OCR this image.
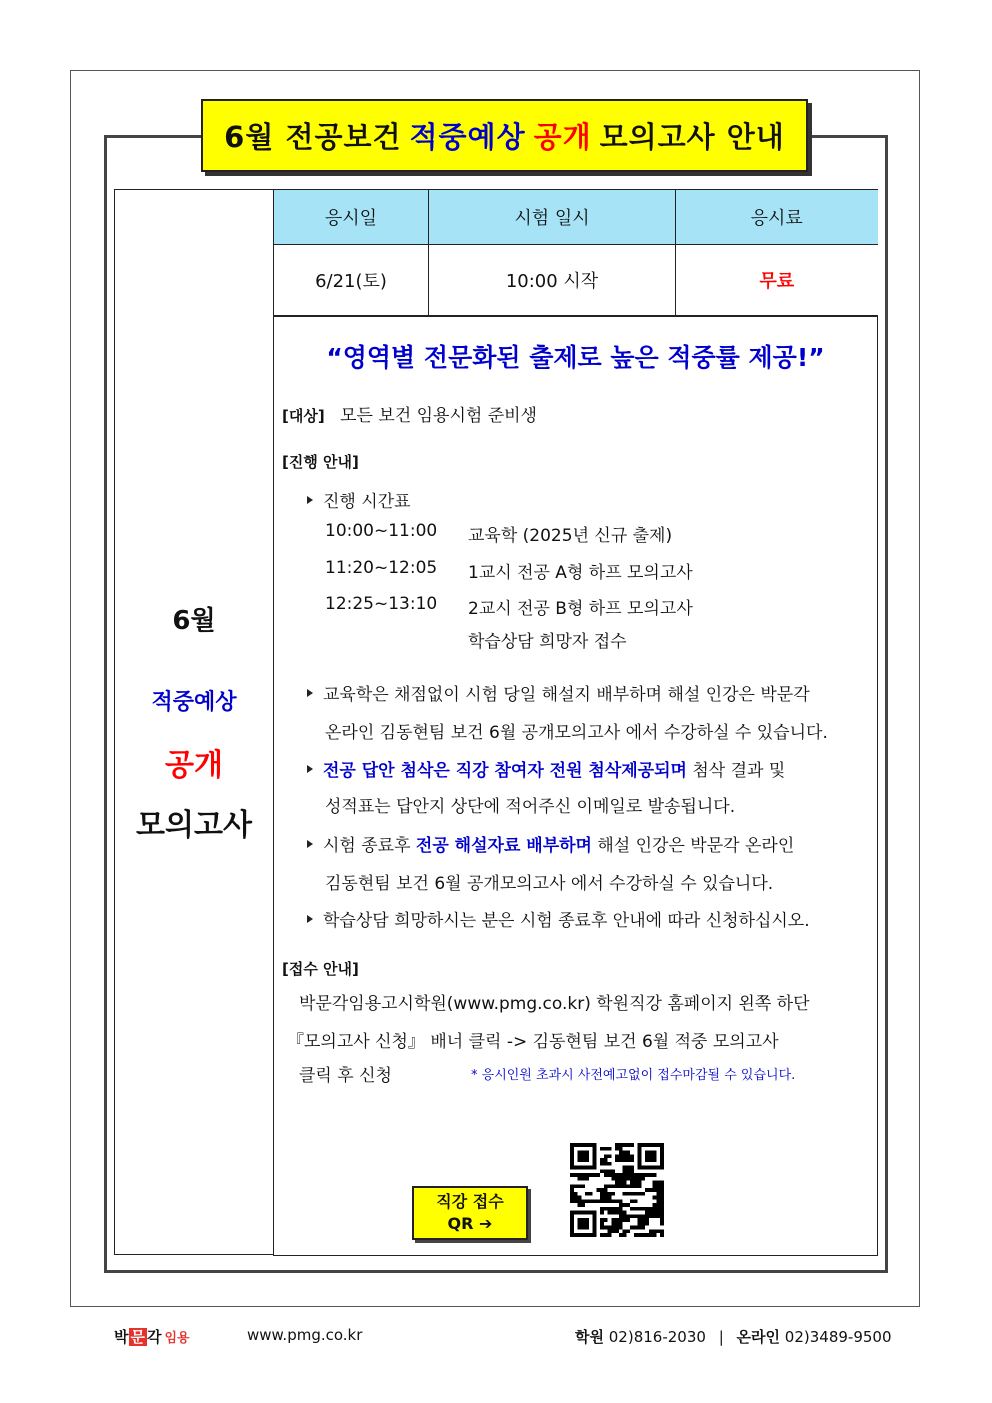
6월 전공보건 적중예상 공개 모의고사 안내
6월
적중예상
공개
모의고사
응시일	시험 일시	응시료
6/21(토)	10:00 시작	무료
“영역별 전문화된 출제로 높은 적중률 제공!”
[대상] 모든 보건 임용시험 준비생
[진행 안내]
진행 시간표
10:00~11:00 교육학 (2025년 신규 출제)
11:20~12:05 1교시 전공 A형 하프 모의고사
12:25~13:10 2교시 전공 B형 하프 모의고사
학습상담 희망자 접수
교육학은 채점없이 시험 당일 해설지 배부하며 해설 인강은 박문각
온라인 김동현팀 보건 6월 공개모의고사 에서 수강하실 수 있습니다.
전공 답안 첨삭은 직강 참여자 전원 첨삭제공되며 첨삭 결과 및
성적표는 답안지 상단에 적어주신 이메일로 발송됩니다.
시험 종료후 전공 해설자료 배부하며 해설 인강은 박문각 온라인
김동현팀 보건 6월 공개모의고사 에서 수강하실 수 있습니다.
학습상담 희망하시는 분은 시험 종료후 안내에 따라 신청하십시오.
[접수 안내]
박문각임용고시학원(www.pmg.co.kr) 학원직강 홈페이지 왼쪽 하단
『모의고사 신청』 배너 클릭 -> 김동현팀 보건 6월 적중 모의고사
클릭 후 신청	* 응시인원 초과시 사전예고없이 접수마감될 수 있습니다.
직강 접수
QR ➔
박 문 각 임용	www.pmg.co.kr	학원 02)816-2030 | 온라인 02)3489-9500
